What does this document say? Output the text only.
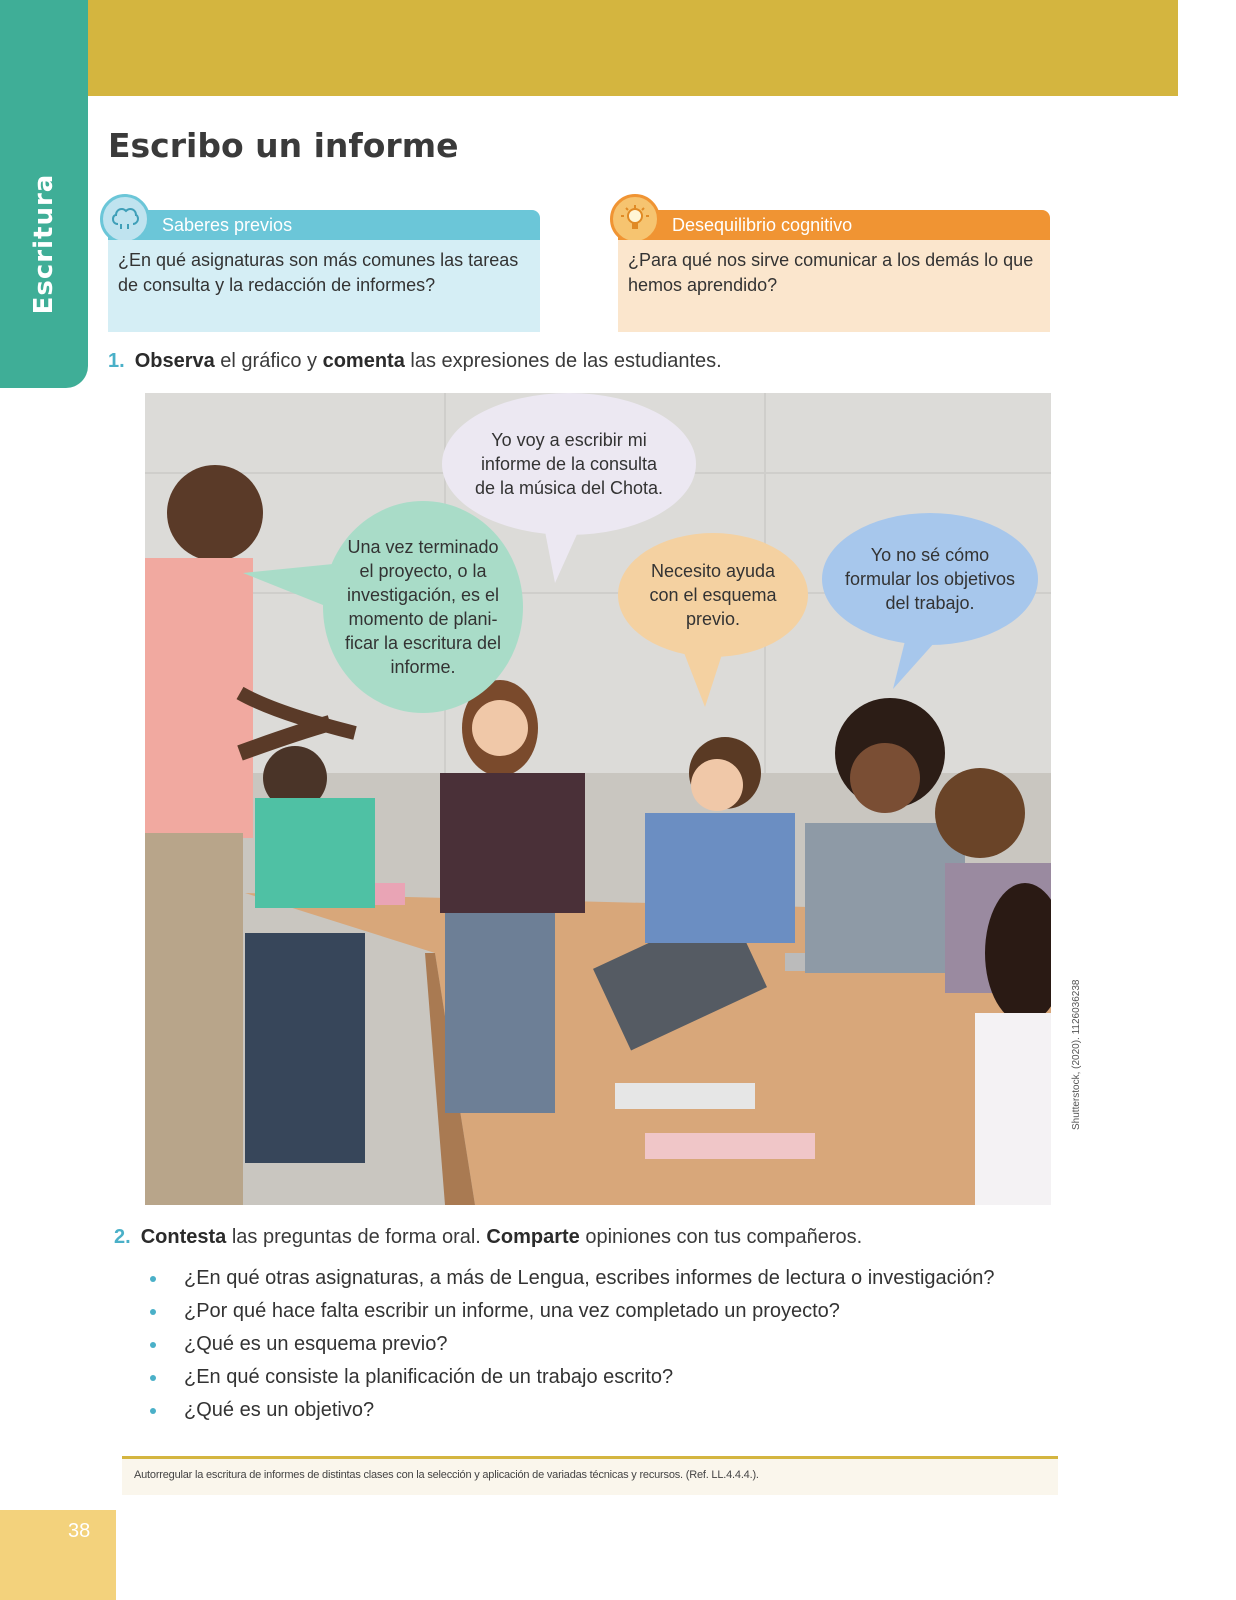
Escritura
Escribo un informe
Saberes previos
¿En qué asignaturas son más comunes las tareas de consulta y la redacción de informes?
Desequilibrio cognitivo
¿Para qué nos sirve comunicar a los demás lo que hemos aprendido?
1. Observa el gráfico y comenta las expresiones de las estudiantes.
Una vez terminado el proyecto, o la investigación, es el momento de plani-ficar la escritura del informe.
Yo voy a escribir mi informe de la consulta de la música del Chota.
Necesito ayuda con el esquema previo.
Yo no sé cómo formular los objetivos del trabajo.
Shutterstock, (2020). 1126036238
2. Contesta las preguntas de forma oral. Comparte opiniones con tus compañeros.
¿En qué otras asignaturas, a más de Lengua, escribes informes de lectura o investigación?
¿Por qué hace falta escribir un informe, una vez completado un proyecto?
¿Qué es un esquema previo?
¿En qué consiste la planificación de un trabajo escrito?
¿Qué es un objetivo?
Autorregular la escritura de informes de distintas clases con la selección y aplicación de variadas técnicas y recursos. (Ref. LL.4.4.4.).
38
